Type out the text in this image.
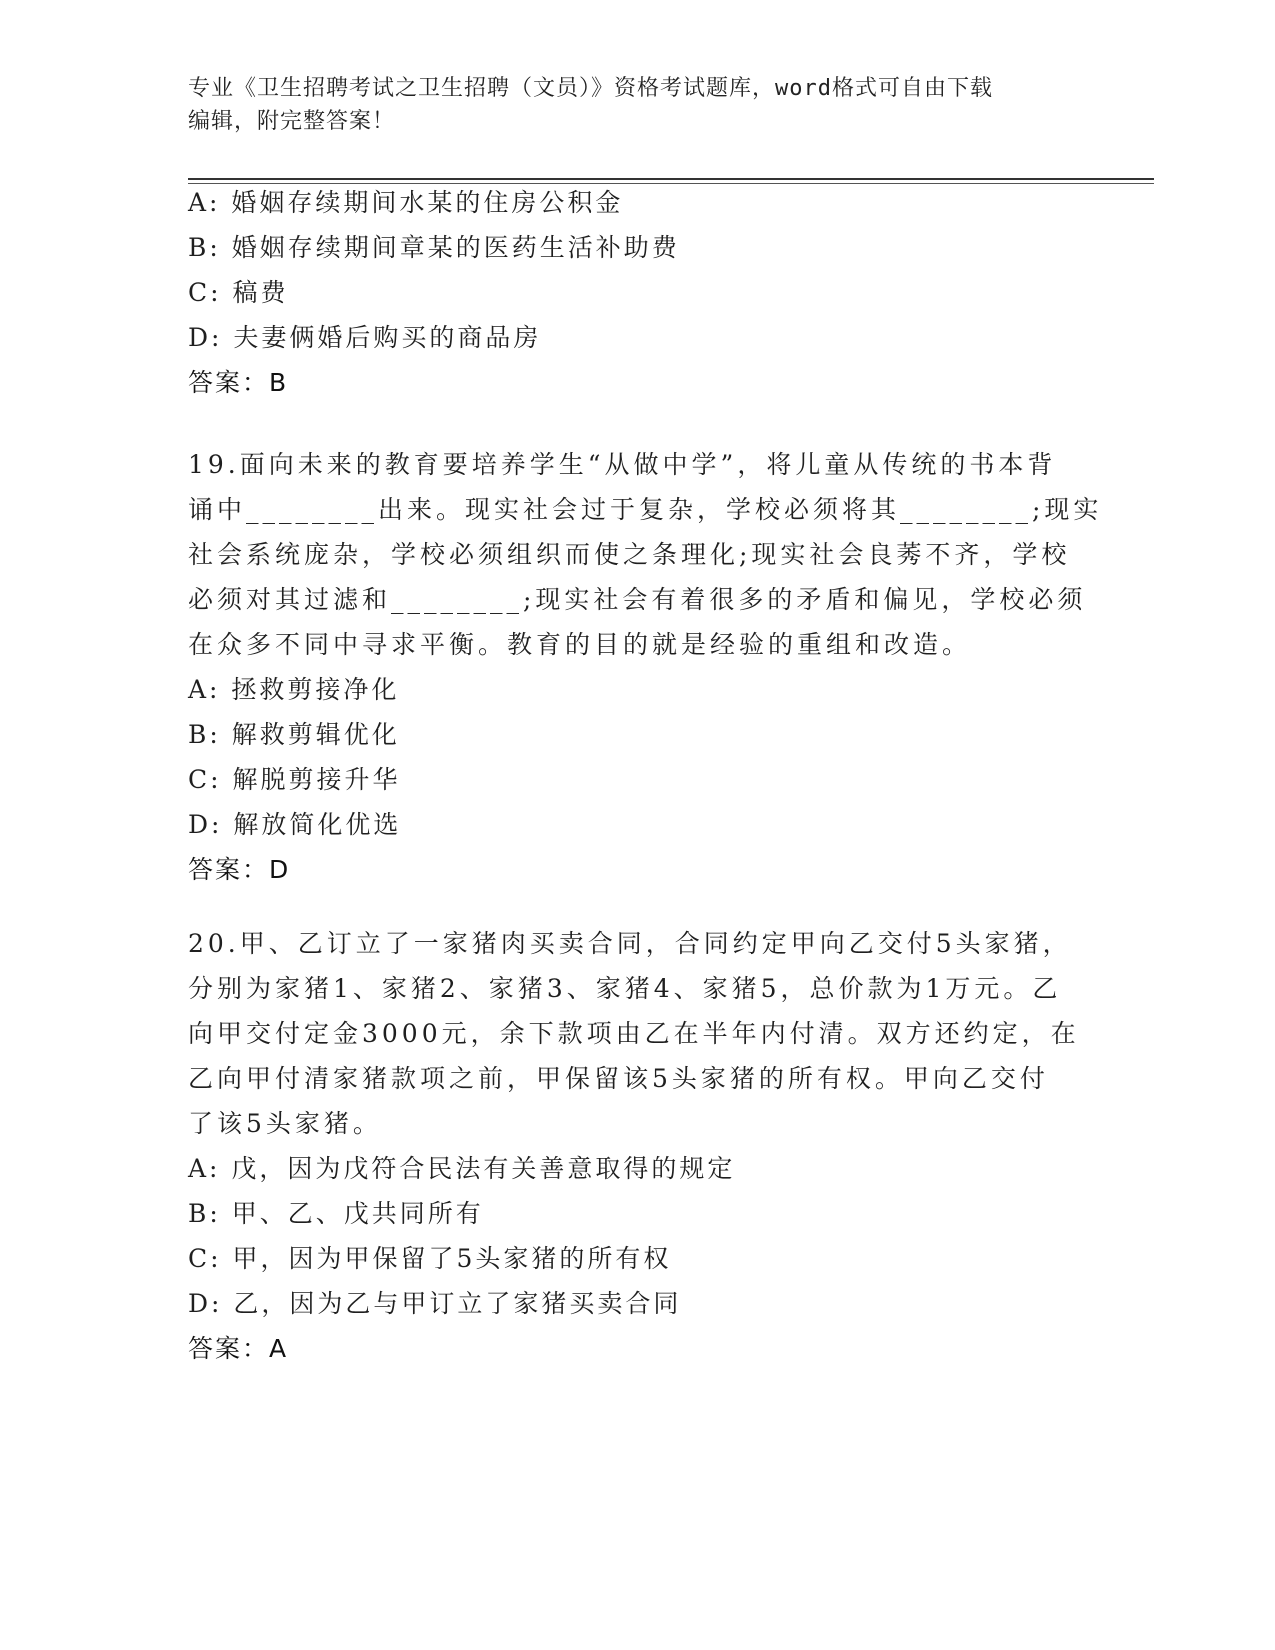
专业《卫生招聘考试之卫生招聘（文员）》资格考试题库，word格式可自由下载
编辑，附完整答案！
A: 婚姻存续期间水某的住房公积金
B: 婚姻存续期间章某的医药生活补助费
C: 稿费
D: 夫妻俩婚后购买的商品房
答案：B
19.面向未来的教育要培养学生“从做中学”，将儿童从传统的书本背
诵中________出来。现实社会过于复杂，学校必须将其________;现实
社会系统庞杂，学校必须组织而使之条理化;现实社会良莠不齐，学校
必须对其过滤和________;现实社会有着很多的矛盾和偏见，学校必须
在众多不同中寻求平衡。教育的目的就是经验的重组和改造。
A: 拯救剪接净化
B: 解救剪辑优化
C: 解脱剪接升华
D: 解放简化优选
答案：D
20.甲、乙订立了一家猪肉买卖合同，合同约定甲向乙交付5头家猪，
分别为家猪1、家猪2、家猪3、家猪4、家猪5，总价款为1万元。乙
向甲交付定金3000元，余下款项由乙在半年内付清。双方还约定，在
乙向甲付清家猪款项之前，甲保留该5头家猪的所有权。甲向乙交付
了该5头家猪。
A: 戊，因为戊符合民法有关善意取得的规定
B: 甲、乙、戊共同所有
C: 甲，因为甲保留了5头家猪的所有权
D: 乙，因为乙与甲订立了家猪买卖合同
答案：A
